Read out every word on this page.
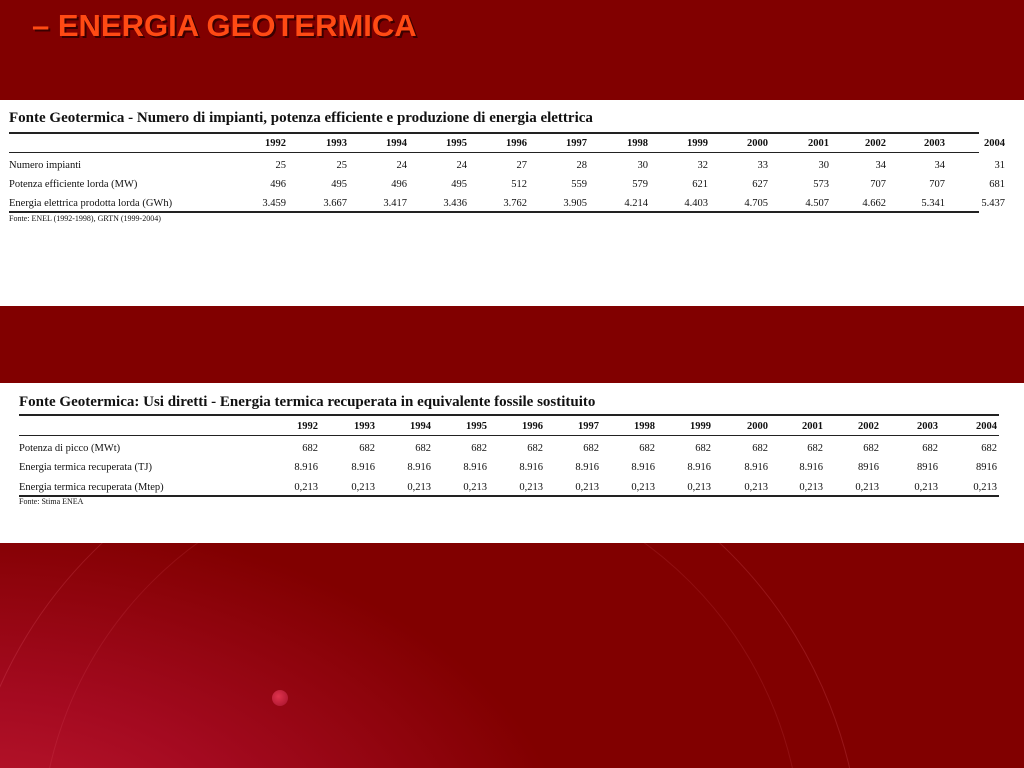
– ENERGIA GEOTERMICA
Fonte Geotermica - Numero di impianti, potenza efficiente e produzione di energia elettrica
1992	1993	1994	1995	1996	1997	1998	1999	2000	2001	2002	2003	2004
Numero impianti	25	25	24	24	27	28	30	32	33	30	34	34	31
Potenza efficiente lorda (MW)	496	495	496	495	512	559	579	621	627	573	707	707	681
Energia elettrica prodotta lorda (GWh)	3.459	3.667	3.417	3.436	3.762	3.905	4.214	4.403	4.705	4.507	4.662	5.341	5.437
Fonte: ENEL (1992-1998), GRTN (1999-2004)
Fonte Geotermica: Usi diretti - Energia termica recuperata in equivalente fossile sostituito
1992	1993	1994	1995	1996	1997	1998	1999	2000	2001	2002	2003	2004
Potenza di picco (MWt)	682	682	682	682	682	682	682	682	682	682	682	682	682
Energia termica recuperata (TJ)	8.916	8.916	8.916	8.916	8.916	8.916	8.916	8.916	8.916	8.916	8916	8916	8916
Energia termica recuperata (Mtep)	0,213	0,213	0,213	0,213	0,213	0,213	0,213	0,213	0,213	0,213	0,213	0,213	0,213
Fonte: Stima ENEA
